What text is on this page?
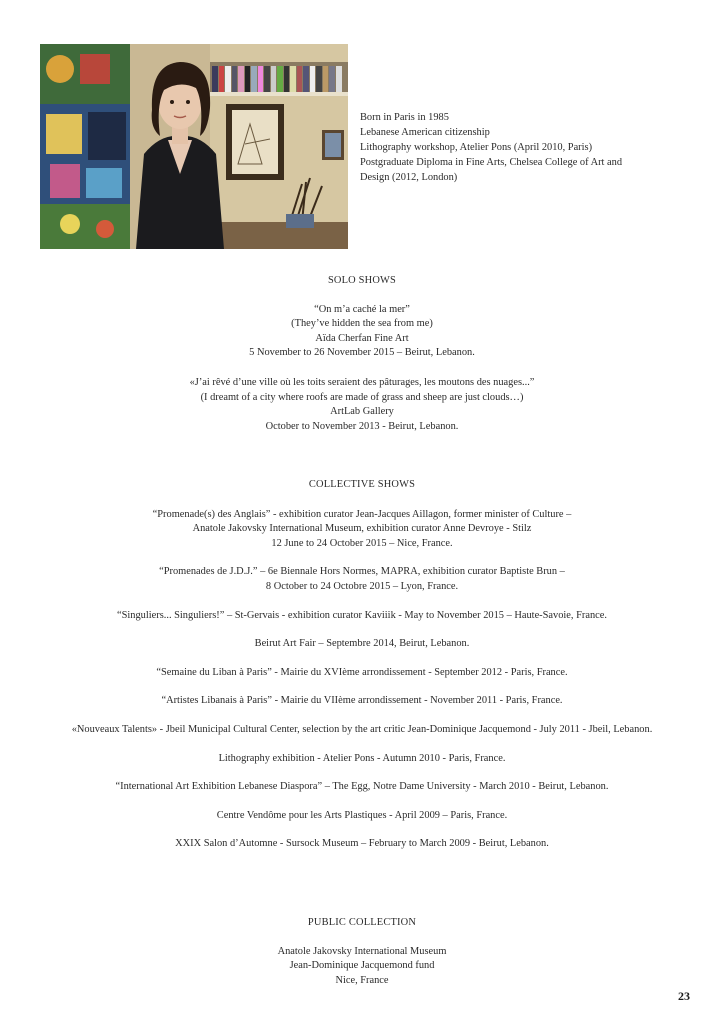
Born in Paris in 1985
Lebanese American citizenship
Lithography workshop, Atelier Pons (April 2010, Paris)
Postgraduate Diploma in Fine Arts, Chelsea College of Art and
Design (2012, London)
SOLO SHOWS
“On m’a caché la mer”
(They’ve hidden the sea from me)
Aïda Cherfan Fine Art
5 November to 26 November 2015 – Beirut, Lebanon.
«J’ai rêvé d’une ville où les toits seraient des pâturages, les moutons des nuages...”
(I dreamt of a city where roofs are made of grass and sheep are just clouds…)
ArtLab Gallery
October to November 2013 - Beirut, Lebanon.
COLLECTIVE SHOWS
“Promenade(s) des Anglais” - exhibition curator Jean-Jacques Aillagon, former minister of Culture –
Anatole Jakovsky International Museum, exhibition curator Anne Devroye - Stilz
12 June to 24 October 2015 – Nice, France.
“Promenades de J.D.J.” – 6e Biennale Hors Normes, MAPRA, exhibition curator Baptiste Brun –
8 October to 24 Octobre 2015 – Lyon, France.
“Singuliers... Singuliers!” – St-Gervais - exhibition curator Kaviiik - May to November 2015 – Haute-Savoie, France.
Beirut Art Fair – Septembre 2014, Beirut, Lebanon.
“Semaine du Liban à Paris” - Mairie du XVIème arrondissement - September 2012 - Paris, France.
“Artistes Libanais à Paris” - Mairie du VIIème arrondissement - November 2011 - Paris, France.
«Nouveaux Talents» - Jbeil Municipal Cultural Center, selection by the art critic Jean-Dominique Jacquemond - July 2011 - Jbeil, Lebanon.
Lithography exhibition - Atelier Pons - Autumn 2010 - Paris, France.
“International Art Exhibition Lebanese Diaspora” – The Egg, Notre Dame University - March 2010 - Beirut, Lebanon.
Centre Vendôme pour les Arts Plastiques - April 2009 – Paris, France.
XXIX Salon d’Automne - Sursock Museum – February to March 2009 - Beirut, Lebanon.
PUBLIC COLLECTION
Anatole Jakovsky International Museum
Jean-Dominique Jacquemond fund
Nice, France
23
